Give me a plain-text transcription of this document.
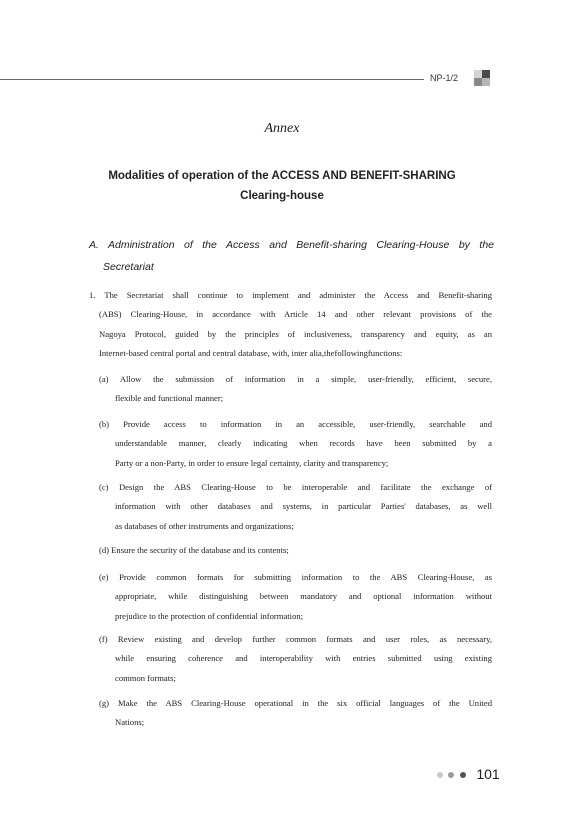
NP-1/2
Annex
Modalities of operation of the ACCESS AND BENEFIT-SHARING
Clearing-house
A. Administration of the Access and Benefit-sharing Clearing-House by the
Secretariat
1. The Secretariat shall continue to implement and administer the Access and Benefit-sharing
(ABS) Clearing-House, in accordance with Article 14 and other relevant provisions of the
Nagoya Protocol, guided by the principles of inclusiveness, transparency and equity, as an
Internet-based central portal and central database, with, inter alia,thefollowingfunctions:
(a) Allow the submission of information in a simple, user-friendly, efficient, secure,
flexible and functional manner;
(b) Provide access to information in an accessible, user-friendly, searchable and
understandable manner, clearly indicating when records have been submitted by a
Party or a non-Party, in order to ensure legal certainty, clarity and transparency;
(c) Design the ABS Clearing-House to be interoperable and facilitate the exchange of
information with other databases and systems, in particular Parties' databases, as well
as databases of other instruments and organizations;
(d) Ensure the security of the database and its contents;
(e) Provide common formats for submitting information to the ABS Clearing-House, as
appropriate, while distinguishing between mandatory and optional information without
prejudice to the protection of confidential information;
(f) Review existing and develop further common formats and user roles, as necessary,
while ensuring coherence and interoperability with entries submitted using existing
common formats;
(g) Make the ABS Clearing-House operational in the six official languages of the United
Nations;
101
